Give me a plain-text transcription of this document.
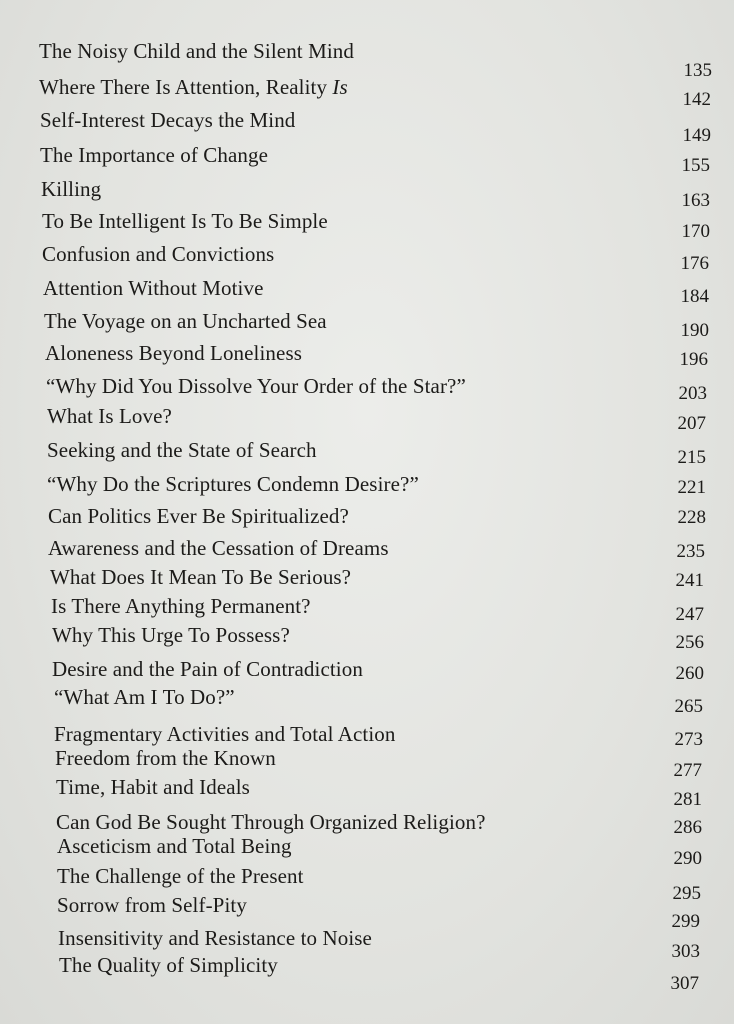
The Noisy Child and the Silent Mind
135
Where There Is Attention, Reality Is
142
Self-Interest Decays the Mind
149
The Importance of Change	155
Killing	163
To Be Intelligent Is To Be Simple	170
Confusion and Convictions	176
Attention Without Motive	184
The Voyage on an Uncharted Sea	190
Aloneness Beyond Loneliness	196
“Why Did You Dissolve Your Order of the Star?”	203
What Is Love?	207
Seeking and the State of Search	215
“Why Do the Scriptures Condemn Desire?”	221
Can Politics Ever Be Spiritualized?	228
Awareness and the Cessation of Dreams	235
What Does It Mean To Be Serious?	241
Is There Anything Permanent?	247
Why This Urge To Possess?	256
Desire and the Pain of Contradiction	260
“What Am I To Do?”	265
Fragmentary Activities and Total Action	273
Freedom from the Known
277
Time, Habit and Ideals
281
Can God Be Sought Through Organized Religion?	286
Asceticism and Total Being
290
The Challenge of the Present
295
Sorrow from Self-Pity
299
Insensitivity and Resistance to Noise
303
The Quality of Simplicity
307
